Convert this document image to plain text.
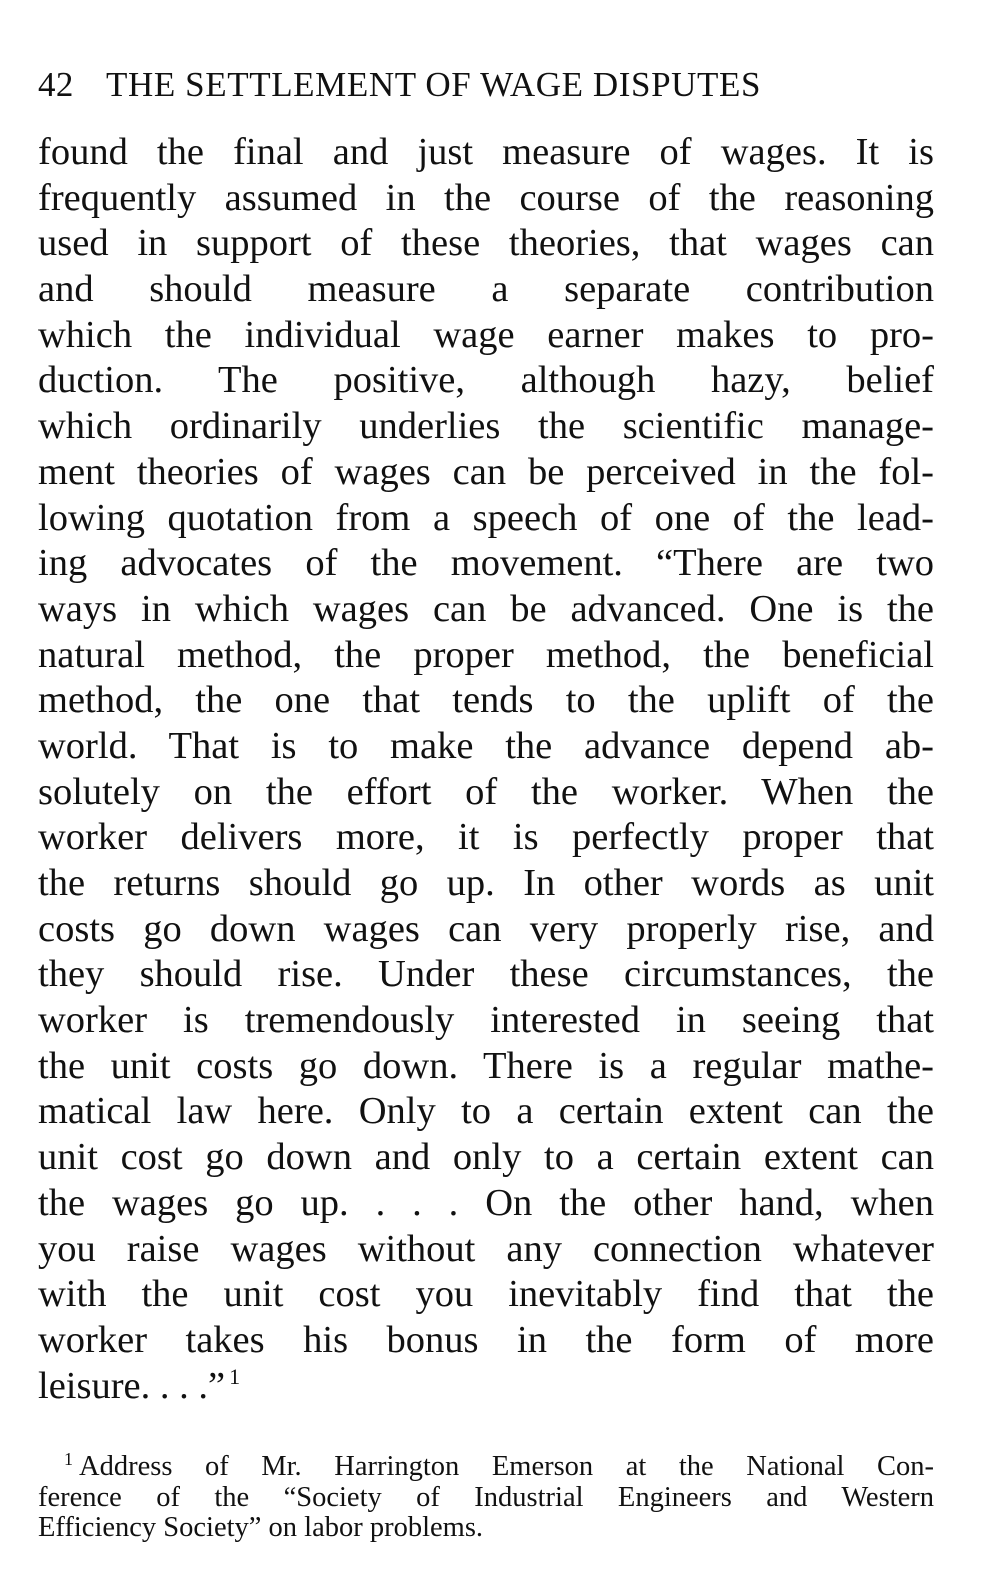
42 THE SETTLEMENT OF WAGE DISPUTES
found the final and just measure of wages. It is
frequently assumed in the course of the reasoning
used in support of these theories, that wages can
and should measure a separate contribution
which the individual wage earner makes to pro-
duction. The positive, although hazy, belief
which ordinarily underlies the scientific manage-
ment theories of wages can be perceived in the fol-
lowing quotation from a speech of one of the lead-
ing advocates of the movement. “There are two
ways in which wages can be advanced. One is the
natural method, the proper method, the beneficial
method, the one that tends to the uplift of the
world. That is to make the advance depend ab-
solutely on the effort of the worker. When the
worker delivers more, it is perfectly proper that
the returns should go up. In other words as unit
costs go down wages can very properly rise, and
they should rise. Under these circumstances, the
worker is tremendously interested in seeing that
the unit costs go down. There is a regular mathe-
matical law here. Only to a certain extent can the
unit cost go down and only to a certain extent can
the wages go up. . . . On the other hand, when
you raise wages without any connection whatever
with the unit cost you inevitably find that the
worker takes his bonus in the form of more
leisure. . . .” $^1$
$^1$ Address of Mr. Harrington Emerson at the National Con-
ference of the “Society of Industrial Engineers and Western
Efficiency Society” on labor problems.
